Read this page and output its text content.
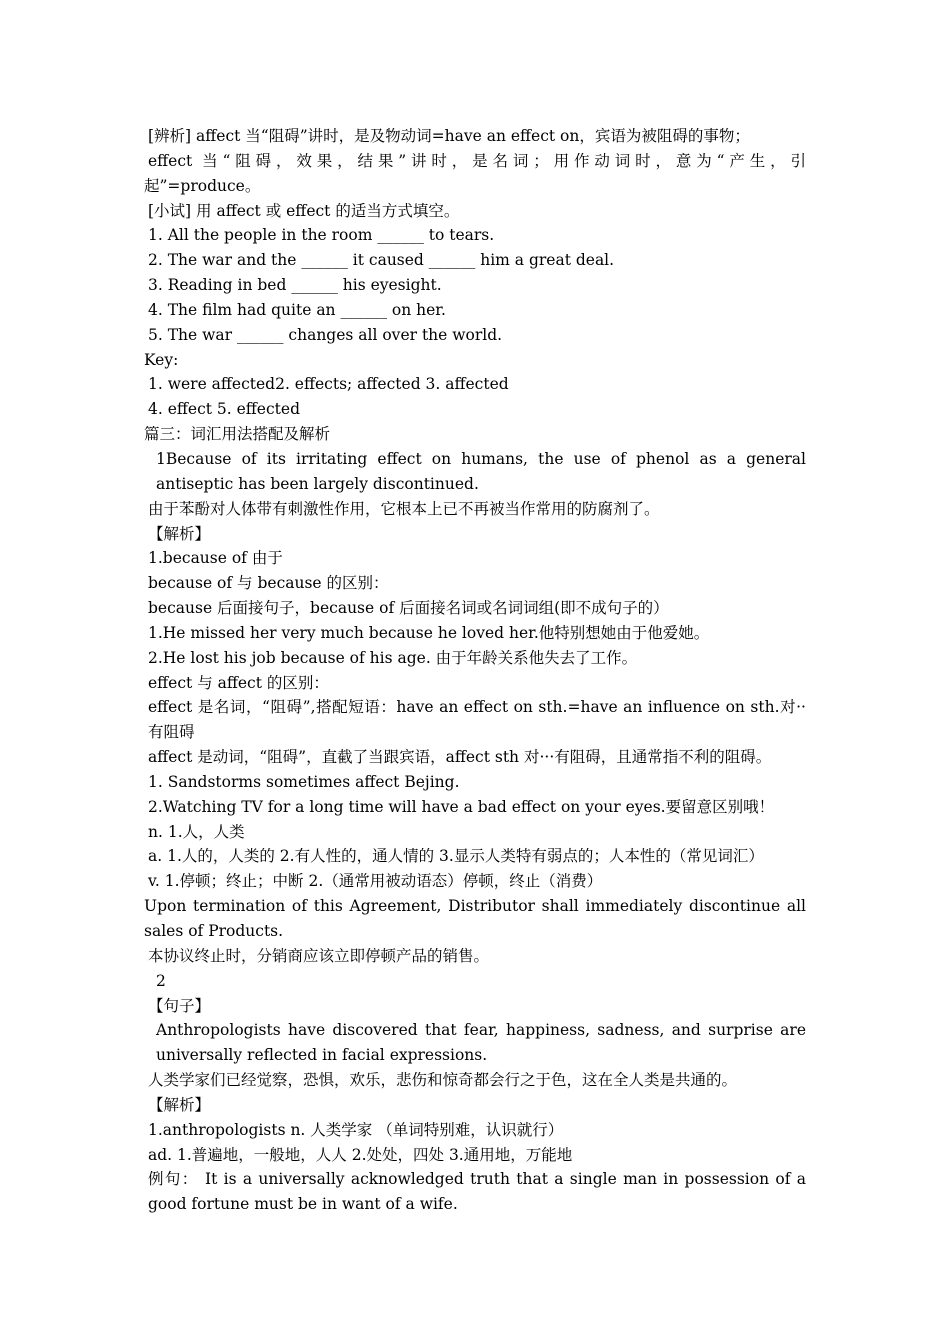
[辨析] affect 当“阻碍”讲时，是及物动词=have an effect on，宾语为被阻碍的事物；
effect 当“阻碍，效果，结果”讲时，是名词；用作动词时，意为“产生，引
起”=produce。
[小试] 用 affect 或 effect 的适当方式填空。
1. All the people in the room ______ to tears.
2. The war and the ______ it caused ______ him a great deal.
3. Reading in bed ______ his eyesight.
4. The film had quite an ______ on her.
5. The war ______ changes all over the world.
Key:
1. were affected2. effects; affected 3. affected
4. effect 5. effected
篇三：词汇用法搭配及解析
1Because of its irritating effect on humans, the use of phenol as a general antiseptic has been largely discontinued.
由于苯酚对人体带有刺激性作用，它根本上已不再被当作常用的防腐剂了。
【解析】
1.because of 由于
because of 与 because 的区别：
because 后面接句子，because of 后面接名词或名词词组(即不成句子的）
1.He missed her very much because he loved her.他特别想她由于他爱她。
2.He lost his job because of his age. 由于年龄关系他失去了工作。
effect 与 affect 的区别：
effect 是名词，“阻碍”,搭配短语：have an effect on sth.=have an influence on sth.对··有阻碍
affect 是动词，“阻碍”，直截了当跟宾语，affect sth 对···有阻碍，且通常指不利的阻碍。
1. Sandstorms sometimes affect Bejing.
2.Watching TV for a long time will have a bad effect on your eyes.要留意区别哦！
n. 1.人，人类
a. 1.人的，人类的 2.有人性的，通人情的 3.显示人类特有弱点的；人本性的（常见词汇）
v. 1.停顿；终止；中断 2.（通常用被动语态）停顿，终止（消费）
Upon termination of this Agreement, Distributor shall immediately discontinue all sales of Products.
本协议终止时，分销商应该立即停顿产品的销售。
2
【句子】
Anthropologists have discovered that fear, happiness, sadness, and surprise are universally reflected in facial expressions.
人类学家们已经觉察，恐惧，欢乐，悲伤和惊奇都会行之于色，这在全人类是共通的。
【解析】
1.anthropologists n. 人类学家 （单词特别难，认识就行）
ad. 1.普遍地，一般地，人人 2.处处，四处 3.通用地，万能地
例句： It is a universally acknowledged truth that a single man in possession of a good fortune must be in want of a wife.
